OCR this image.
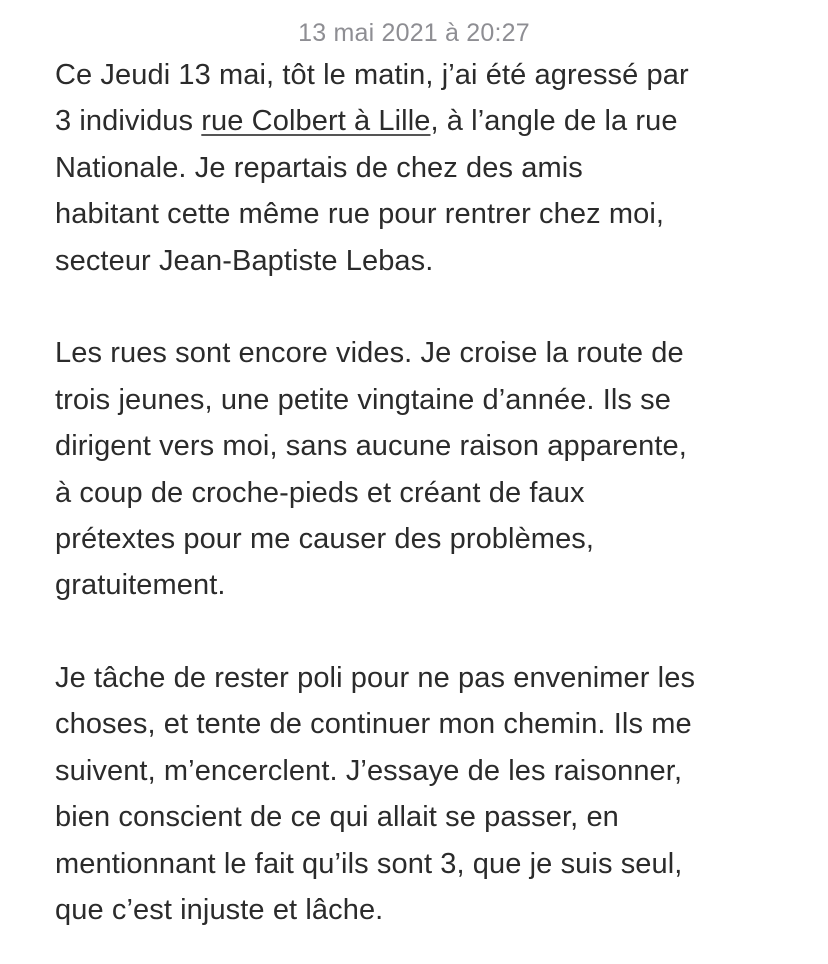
13 mai 2021 à 20:27

Ce Jeudi 13 mai, tôt le matin, j’ai été agressé par
3 individus rue Colbert à Lille, à l’angle de la rue
Nationale. Je repartais de chez des amis
habitant cette même rue pour rentrer chez moi,
secteur Jean-Baptiste Lebas.

Les rues sont encore vides. Je croise la route de
trois jeunes, une petite vingtaine d’année. Ils se
dirigent vers moi, sans aucune raison apparente,
à coup de croche-pieds et créant de faux
prétextes pour me causer des problèmes,
gratuitement.

Je tâche de rester poli pour ne pas envenimer les
choses, et tente de continuer mon chemin. Ils me
suivent, m’encerclent. J’essaye de les raisonner,
bien conscient de ce qui allait se passer, en
mentionnant le fait qu’ils sont 3, que je suis seul,
que c’est injuste et lâche.
